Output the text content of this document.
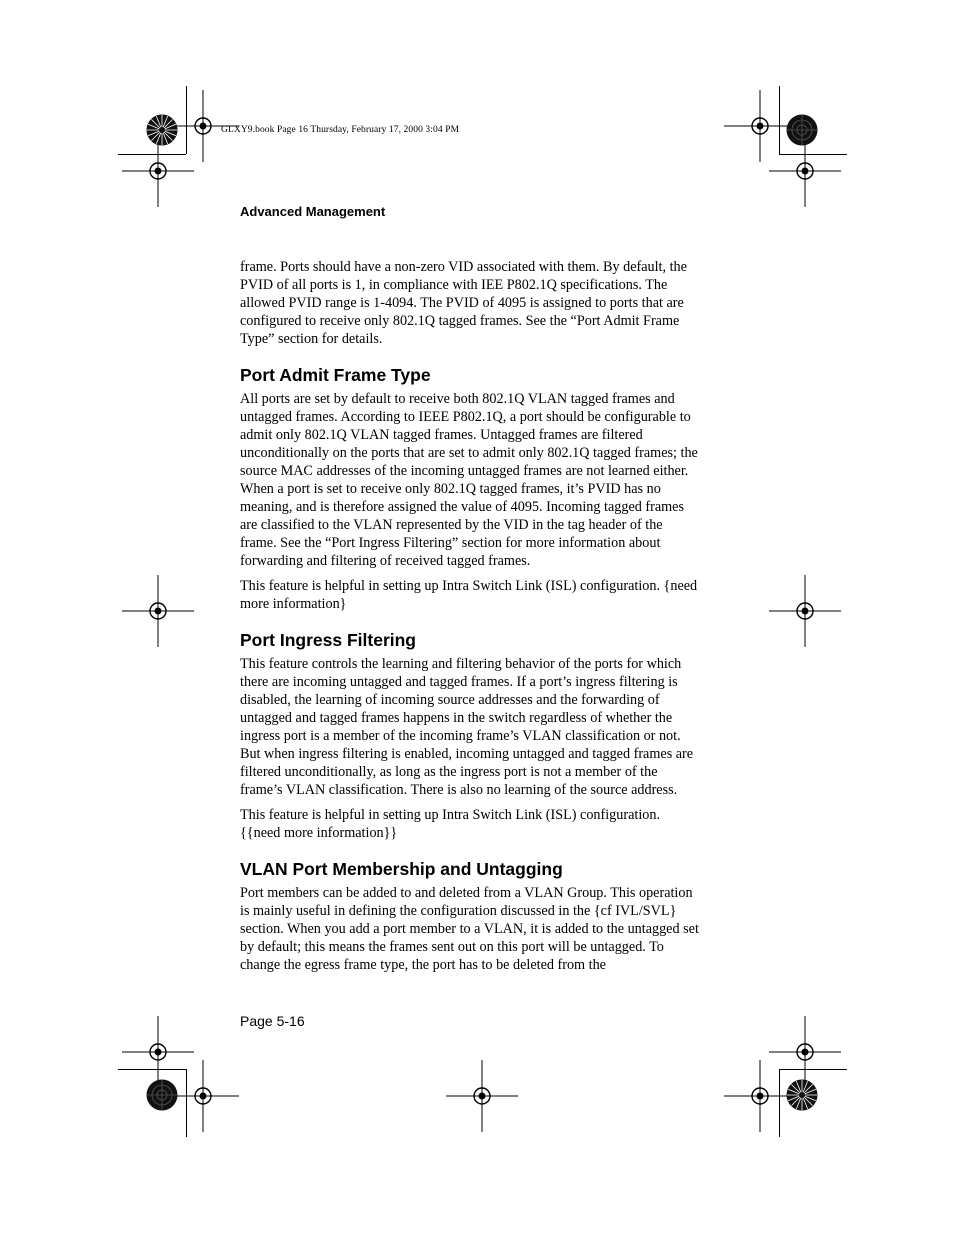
GLXY9.book Page 16 Thursday, February 17, 2000 3:04 PM
Advanced Management

frame. Ports should have a non-zero VID associated with them. By default, the PVID of all ports is 1, in compliance with IEE P802.1Q specifications. The allowed PVID range is 1-4094. The PVID of 4095 is assigned to ports that are configured to receive only 802.1Q tagged frames. See the “Port Admit Frame Type” section for details.

Port Admit Frame Type

All ports are set by default to receive both 802.1Q VLAN tagged frames and untagged frames. According to IEEE P802.1Q, a port should be configurable to admit only 802.1Q VLAN tagged frames. Untagged frames are filtered unconditionally on the ports that are set to admit only 802.1Q tagged frames; the source MAC addresses of the incoming untagged frames are not learned either. When a port is set to receive only 802.1Q tagged frames, it’s PVID has no meaning, and is therefore assigned the value of 4095. Incoming tagged frames are classified to the VLAN represented by the VID in the tag header of the frame. See the “Port Ingress Filtering” section for more information about forwarding and filtering of received tagged frames.

This feature is helpful in setting up Intra Switch Link (ISL) configuration. {need more information}

Port Ingress Filtering

This feature controls the learning and filtering behavior of the ports for which there are incoming untagged and tagged frames. If a port’s ingress filtering is disabled, the learning of incoming source addresses and the forwarding of untagged and tagged frames happens in the switch regardless of whether the ingress port is a member of the incoming frame’s VLAN classification or not. But when ingress filtering is enabled, incoming untagged and tagged frames are filtered unconditionally, as long as the ingress port is not a member of the frame’s VLAN classification. There is also no learning of the source address.

This feature is helpful in setting up Intra Switch Link (ISL) configuration. {{need more information}}

VLAN Port Membership and Untagging

Port members can be added to and deleted from a VLAN Group. This operation is mainly useful in defining the configuration discussed in the {cf IVL/SVL} section. When you add a port member to a VLAN, it is added to the untagged set by default; this means the frames sent out on this port will be untagged. To change the egress frame type, the port has to be deleted from the

Page 5-16
